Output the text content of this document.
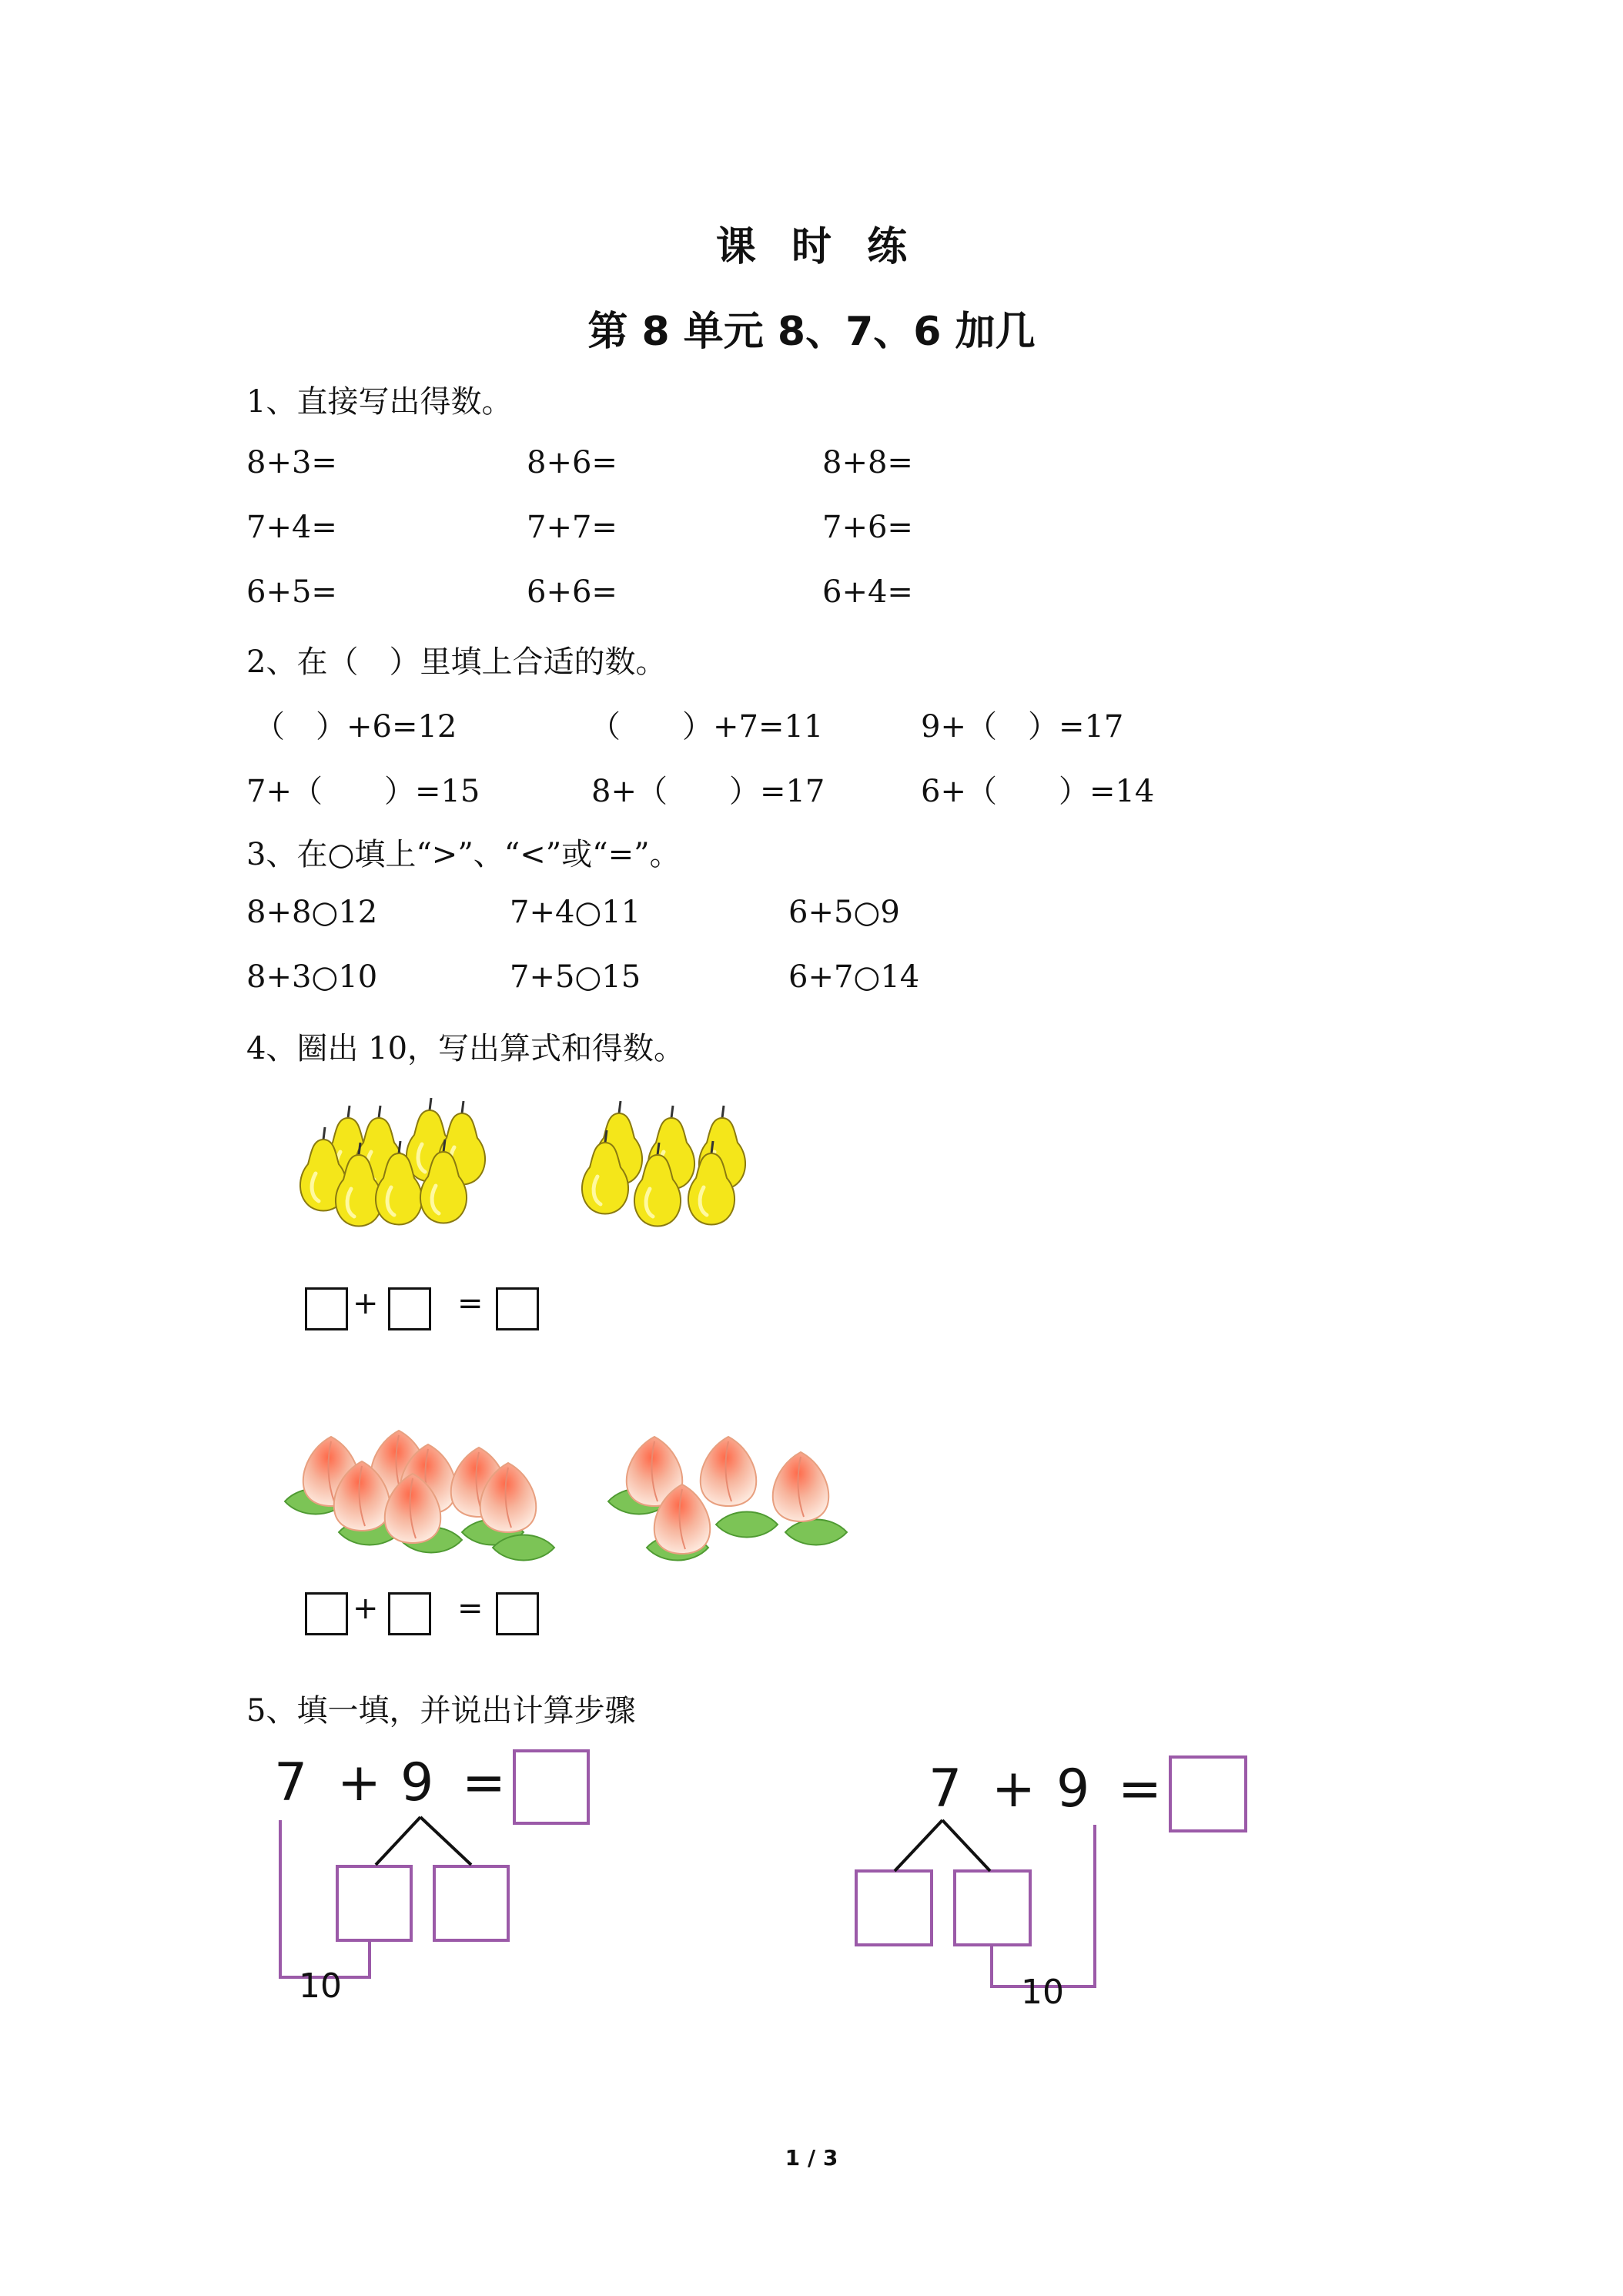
课 时 练
第 8 单元 8、7、6 加几
1、直接写出得数。
8+3=	8+6=	8+8=
7+4=	7+7=	7+6=
6+5=	6+6=	6+4=
2、在（　）里填上合适的数。
（　）+6=12	（　　）+7=11	9+（　）=17
7+（　　）=15	8+（　　）=17	6+（　　）=14
3、在○填上“>”、“<”或“=”。
8+8○12	7+4○11	6+5○9
8+3○10	7+5○15	6+7○14
4、圈出 10，写出算式和得数。
+	=
+	=
5、填一填，并说出计算步骤
7 + 9 =
10
7 + 9 =
10
1 / 3
